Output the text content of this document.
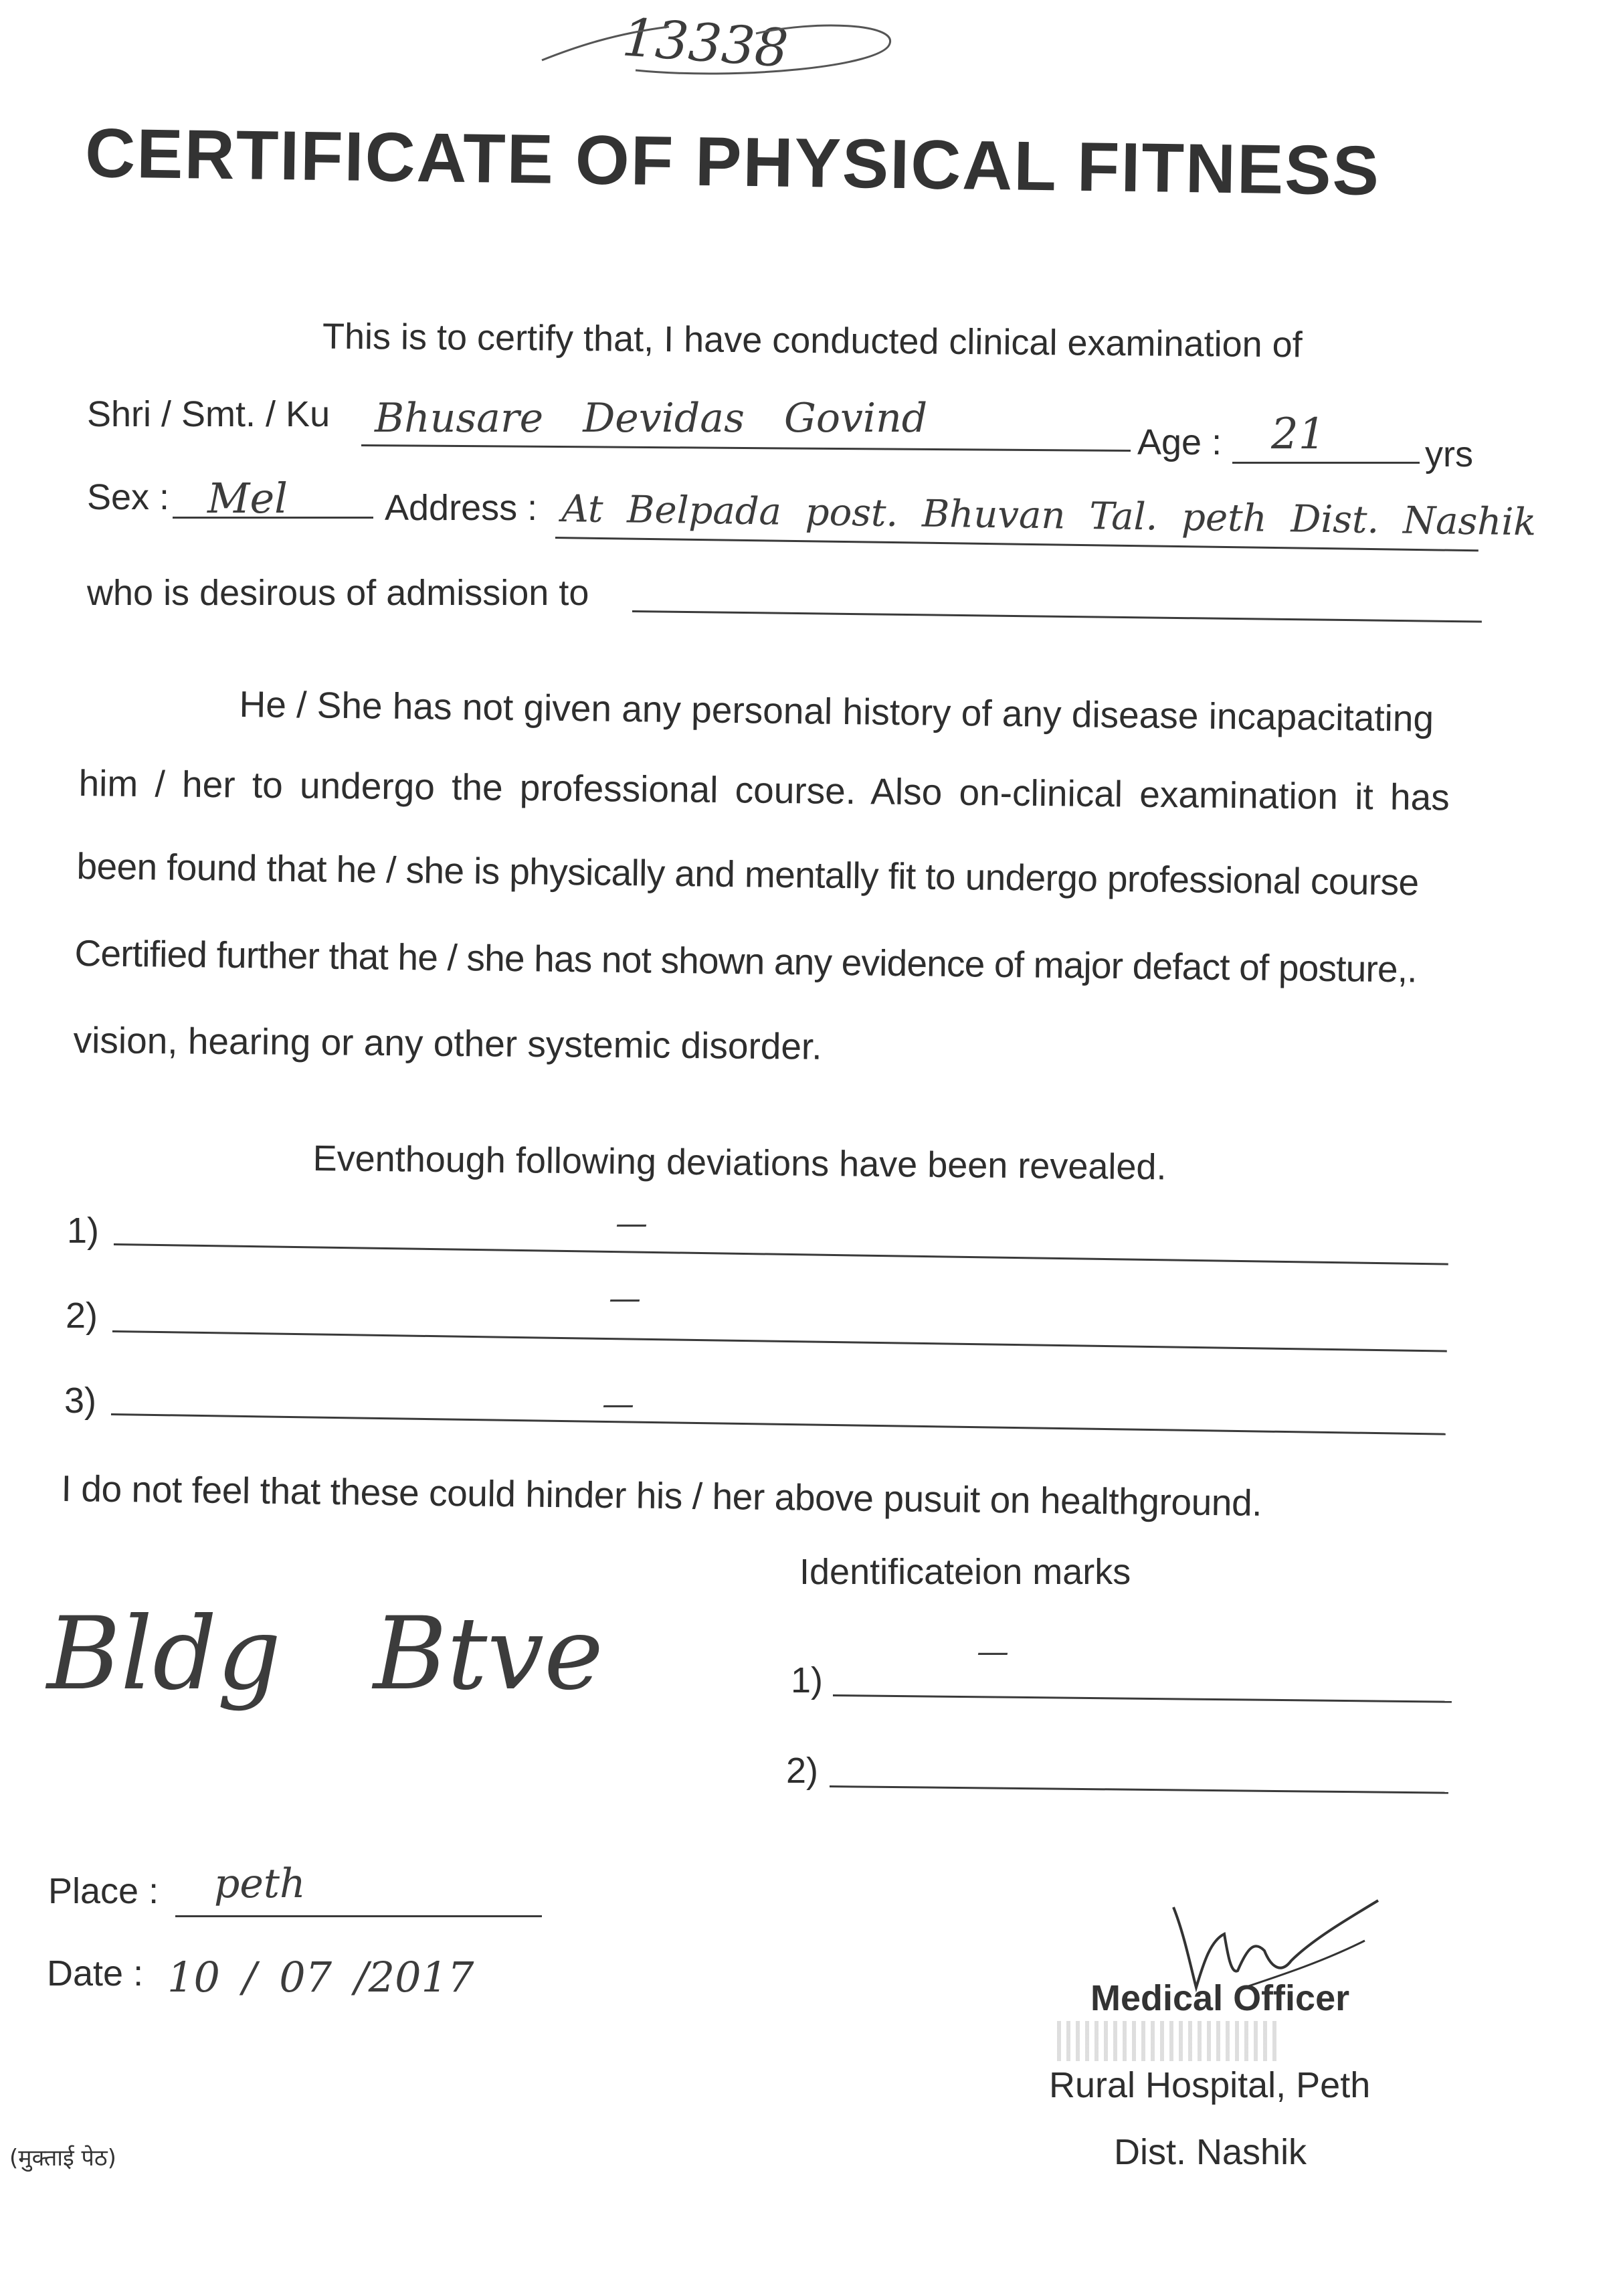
13338
CERTIFICATE OF PHYSICAL FITNESS
This is to certify that, I have conducted clinical examination of
Shri / Smt. / Ku Bhusare Devidas Govind
Age : 21	yrs
Sex : Mel	Address : At Belpada post. Bhuvan Tal. peth Dist. Nashik
who is desirous of admission to
He / She has not given any personal history of any disease incapacitating
him / her to undergo the professional course. Also on-clinical examination it has
been found that he / she is physically and mentally fit to undergo professional course
Certified further that he / she has not shown any evidence of major defact of posture,.
vision, hearing or any other systemic disorder.
Eventhough following deviations have been revealed.
1)	—
2)	—
3)	—
I do not feel that these could hinder his / her above pusuit on healthground.
Identificateion marks
Bldg Btve	1)
—
2)
Place : peth
Date : 10 / 07 /2017	Medical Officer
Rural Hospital, Peth
Dist. Nashik
(मुक्ताई पेठ)
